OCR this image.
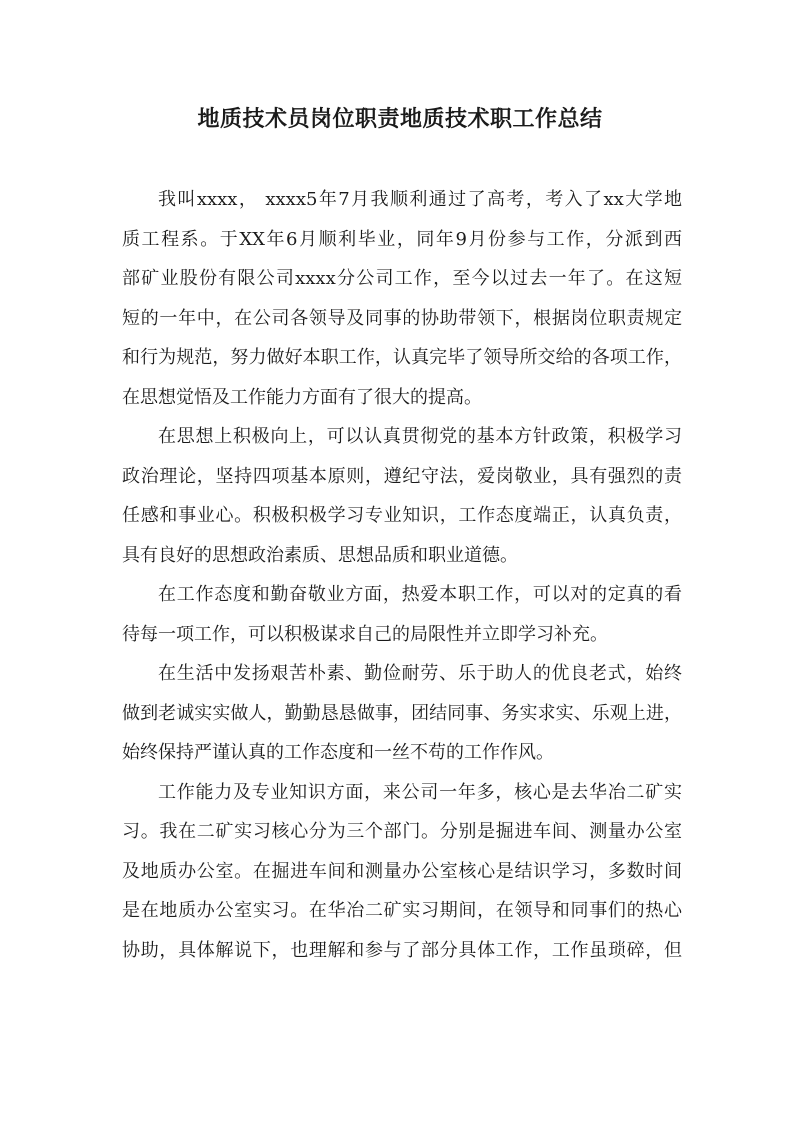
地质技术员岗位职责地质技术职工作总结
我叫xxxx， xxxx5年7月我顺利通过了高考，考入了xx大学地
质工程系。于XX年6月顺利毕业，同年9月份参与工作，分派到西
部矿业股份有限公司xxxx分公司工作，至今以过去一年了。在这短
短的一年中，在公司各领导及同事的协助带领下，根据岗位职责规定
和行为规范，努力做好本职工作，认真完毕了领导所交给的各项工作，
在思想觉悟及工作能力方面有了很大的提高。
在思想上积极向上，可以认真贯彻党的基本方针政策，积极学习
政治理论，坚持四项基本原则，遵纪守法，爱岗敬业，具有强烈的责
任感和事业心。积极积极学习专业知识，工作态度端正，认真负责，
具有良好的思想政治素质、思想品质和职业道德。
在工作态度和勤奋敬业方面，热爱本职工作，可以对的定真的看
待每一项工作，可以积极谋求自己的局限性并立即学习补充。
在生活中发扬艰苦朴素、勤俭耐劳、乐于助人的优良老式，始终
做到老诚实实做人，勤勤恳恳做事，团结同事、务实求实、乐观上进，
始终保持严谨认真的工作态度和一丝不苟的工作作风。
工作能力及专业知识方面，来公司一年多，核心是去华冶二矿实
习。我在二矿实习核心分为三个部门。分别是掘进车间、测量办公室
及地质办公室。在掘进车间和测量办公室核心是结识学习，多数时间
是在地质办公室实习。在华冶二矿实习期间，在领导和同事们的热心
协助，具体解说下，也理解和参与了部分具体工作，工作虽琐碎，但
